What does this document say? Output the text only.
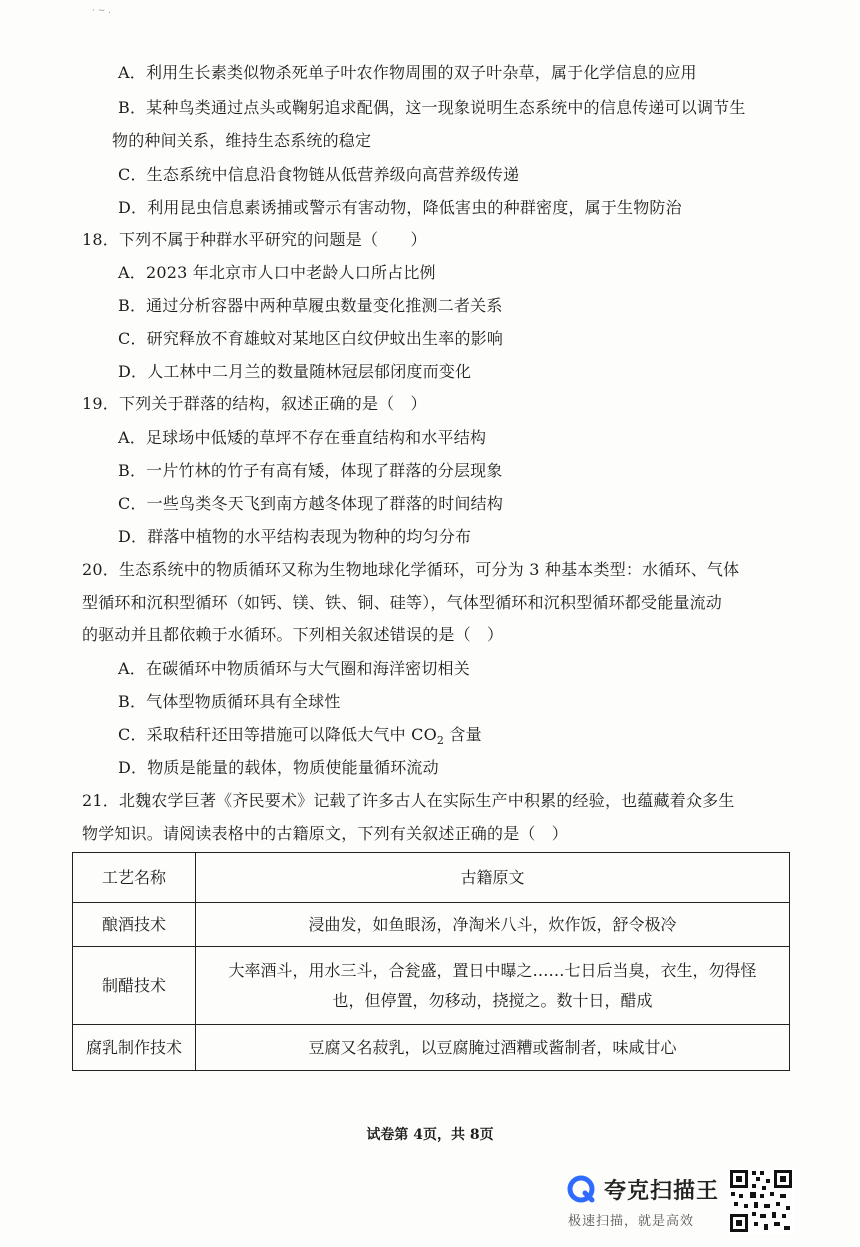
· ∼ .
A．利用生长素类似物杀死单子叶农作物周围的双子叶杂草，属于化学信息的应用
B．某种鸟类通过点头或鞠躬追求配偶，这一现象说明生态系统中的信息传递可以调节生
物的种间关系，维持生态系统的稳定
C．生态系统中信息沿食物链从低营养级向高营养级传递
D．利用昆虫信息素诱捕或警示有害动物，降低害虫的种群密度，属于生物防治
18．下列不属于种群水平研究的问题是（　　）
A．2023 年北京市人口中老龄人口所占比例
B．通过分析容器中两种草履虫数量变化推测二者关系
C．研究释放不育雄蚊对某地区白纹伊蚊出生率的影响
D．人工林中二月兰的数量随林冠层郁闭度而变化
19．下列关于群落的结构，叙述正确的是（　）
A．足球场中低矮的草坪不存在垂直结构和水平结构
B．一片竹林的竹子有高有矮，体现了群落的分层现象
C．一些鸟类冬天飞到南方越冬体现了群落的时间结构
D．群落中植物的水平结构表现为物种的均匀分布
20．生态系统中的物质循环又称为生物地球化学循环，可分为 3 种基本类型：水循环、气体
型循环和沉积型循环（如钙、镁、铁、铜、硅等），气体型循环和沉积型循环都受能量流动
的驱动并且都依赖于水循环。下列相关叙述错误的是（　）
A．在碳循环中物质循环与大气圈和海洋密切相关
B．气体型物质循环具有全球性
C．采取秸秆还田等措施可以降低大气中 $CO_2$ 含量
D．物质是能量的载体，物质使能量循环流动
21．北魏农学巨著《齐民要术》记载了许多古人在实际生产中积累的经验，也蕴藏着众多生
物学知识。请阅读表格中的古籍原文，下列有关叙述正确的是（　）
工艺名称	古籍原文
酿酒技术	浸曲发，如鱼眼汤，净淘米八斗，炊作饭，舒令极冷

制醋技术	大率酒斗，用水三斗，合瓮盛，置日中曝之……七日后当臭，衣生，勿得怪
也，但停置，勿移动，挠搅之。数十日，醋成

腐乳制作技术	豆腐又名菽乳，以豆腐腌过酒糟或酱制者，味咸甘心
试卷第 4页，共 8页
夸克扫描王
极速扫描，就是高效
